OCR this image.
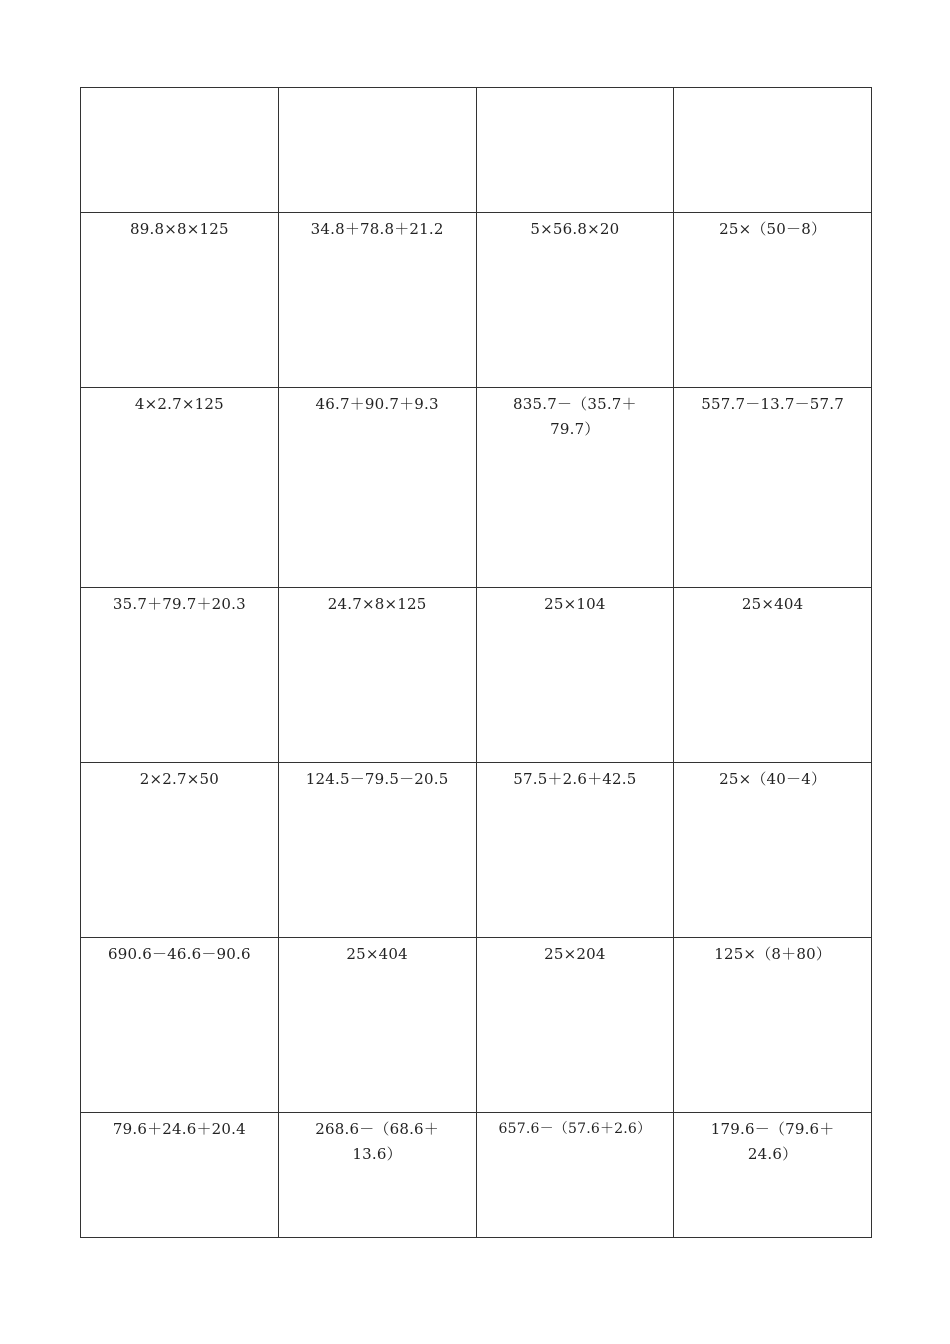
89.8×8×125	34.8＋78.8＋21.2	5×56.8×20	25×（50－8）
4×2.7×125	46.7＋90.7＋9.3	835.7－（35.7＋79.7）	557.7－13.7－57.7
35.7＋79.7＋20.3	24.7×8×125	25×104	25×404
2×2.7×50	124.5－79.5－20.5	57.5＋2.6＋42.5	25×（40－4）
690.6－46.6－90.6	25×404	25×204	125×（8＋80）
79.6＋24.6＋20.4	268.6－（68.6＋13.6）	657.6－（57.6＋2.6）	179.6－（79.6＋24.6）
